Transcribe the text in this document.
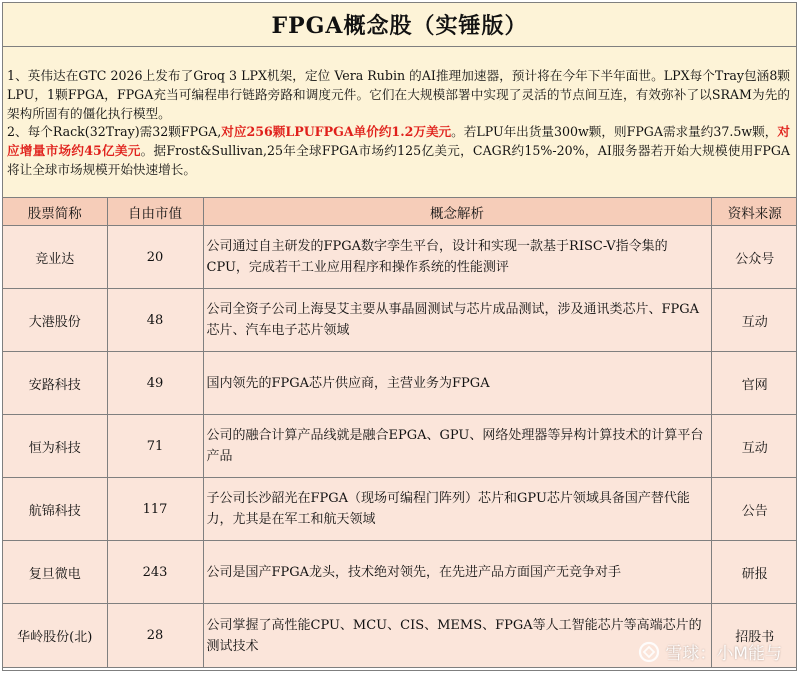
FPGA概念股（实锤版）

1、英伟达在GTC 2026上发布了Groq 3 LPX机架，定位 Vera Rubin 的AI推理加速器，预计将在今年下半年面世。LPX每个Tray包涵8颗LPU，1颗FPGA，FPGA充当可编程串行链路旁路和调度元件。它们在大规模部署中实现了灵活的节点间互连，有效弥补了以SRAM为先的架构所固有的僵化执行模型。

2、每个Rack(32Tray)需32颗FPGA,对应256颗LPUFPGA单价约1.2万美元。若LPU年出货量300w颗，则FPGA需求量约37.5w颗，对应增量市场约45亿美元。据Frost&Sullivan,25年全球FPGA市场约125亿美元，CAGR约15%-20%，AI服务器若开始大规模使用FPGA将让全球市场规模开始快速增长。

股票简称	自由市值	概念解析	资料来源
竞业达	20	公司通过自主研发的FPGA数字孪生平台，设计和实现一款基于RISC-V指令集的CPU，完成若干工业应用程序和操作系统的性能测评	公众号
大港股份	48	公司全资子公司上海旻艾主要从事晶圆测试与芯片成品测试，涉及通讯类芯片、FPGA芯片、汽车电子芯片领域	互动
安路科技	49	国内领先的FPGA芯片供应商，主营业务为FPGA	官网
恒为科技	71	公司的融合计算产品线就是融合EPGA、GPU、网络处理器等异构计算技术的计算平台产品	互动
航锦科技	117	子公司长沙韶光在FPGA（现场可编程门阵列）芯片和GPU芯片领域具备国产替代能力，尤其是在军工和航天领域	公告
复旦微电	243	公司是国产FPGA龙头，技术绝对领先，在先进产品方面国产无竞争对手	研报
华岭股份(北)	28	公司掌握了高性能CPU、MCU、CIS、MEMS、FPGA等人工智能芯片等高端芯片的测试技术	招股书
雪球：小M能与
